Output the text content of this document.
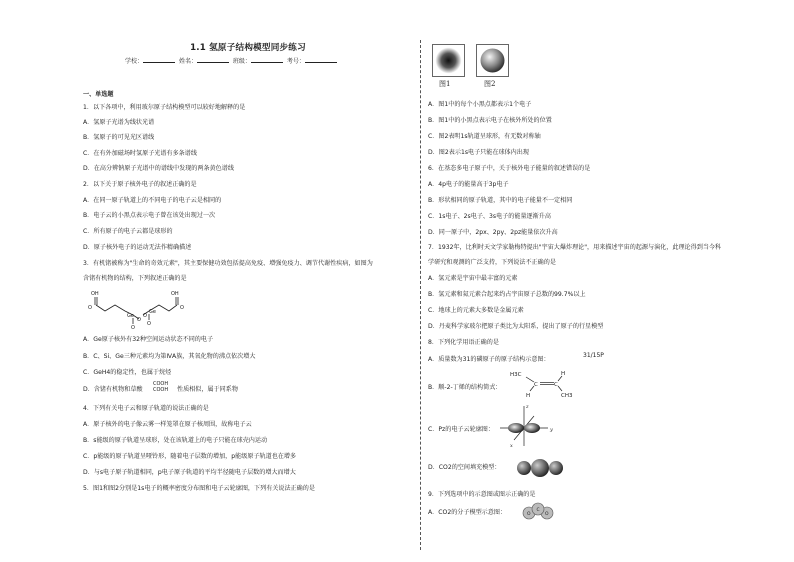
1.1 氢原子结构模型同步练习
学校：	姓名：	班级：	考号：
一、单选题
1．以下各项中，利用玻尔原子结构模型可以较好地解释的是
A．氢原子光谱为线状光谱
B．氢原子的可见光区谱线
C．在有外加磁场时氢原子光谱有多条谱线
D．在高分辨钠原子光谱中的谱线中发现的两条黄色谱线
2．以下关于原子核外电子的叙述正确的是
A．在同一原子轨道上的不同电子的电子云是相同的
B．电子云的小黑点表示电子曾在该处出现过一次
C．所有原子的电子云都是球形的
D．原子核外电子的运动无法作精确描述
3．有机锗被称为"生命的奇效元素"，其主要保健功效包括提高免疫、增强免疫力、调节代谢性疾病，如图为
含锗有机物的结构，下列叙述正确的是
OH
O
OH
O
Ge
Ge
O
O
O
O
A．Ge原子核外有32种空间运动状态不同的电子
B．C、Si、Ge三种元素均为第ⅣA族，其氧化物的沸点依次增大
C．GeH4的稳定性，也属于烷烃
D．含锗有机物和草酸
COOH
COOH 性质相似，属于同系物
4．下列有关电子云和原子轨道的说法正确的是
A．原子核外的电子像云雾一样笼罩在原子核周围，故称电子云
B．s能级的原子轨道呈球形，处在该轨道上的电子只能在球壳内运动
C．p能级的原子轨道呈哑铃形，随着电子层数的增加，p能级原子轨道也在增多
D．与s电子原子轨道相同，p电子原子轨道的平均半径随电子层数的增大而增大
5．图1和图2分别是1s电子的概率密度分布图和电子云轮廓图，下列有关说法正确的是
图1	图2
A．图1中的每个小黑点都表示1个电子
B．图1中的小黑点表示电子在核外所处的位置
C．图2表明1s轨道呈球形，有无数对称轴
D．图2表示1s电子只能在球体内出现
6．在基态多电子原子中，关于核外电子能量的叙述错误的是
A．4p电子的能量高于3p电子
B．形状相同的原子轨道，其中的电子能量不一定相同
C．1s电子、2s电子、3s电子的能量逐渐升高
D．同一原子中，2px、2py、2pz能量依次升高
7．1932年，比利时天文学家勒梅特提出"宇宙大爆炸理论"，用来描述宇宙的起源与演化，此理论得到当今科
学研究和观测的广泛支持，下列说法不正确的是
A．氢元素是宇宙中最丰富的元素
B．氢元素和氦元素合起来约占宇宙原子总数的99.7%以上
C．地球上的元素大多数是金属元素
D．丹麦科学家玻尔把原子类比为太阳系，提出了原子的行星模型
8．下列化学用语正确的是
A．质量数为31的磷原子的原子结构示意图：
31/15P
B．顺-2-丁烯的结构简式：
H3C
H
C	C
H
CH3
C．Pz的电子云轮廓图：
z
y
x
D．CO2的空间填充模型：
9．下列选项中的示意图或图示正确的是
A．CO2的分子模型示意图：	O
C
O
